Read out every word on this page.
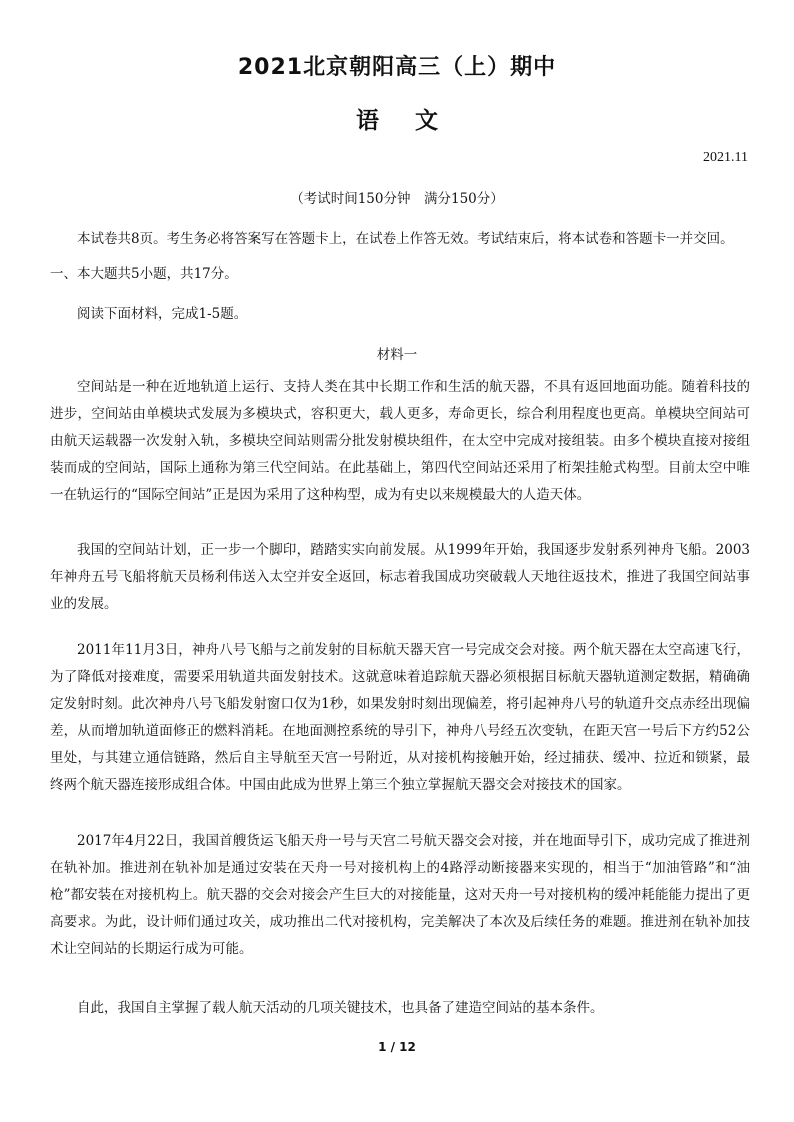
2021北京朝阳高三（上）期中
语文
2021.11
（考试时间150分钟　满分150分）
本试卷共8页。考生务必将答案写在答题卡上，在试卷上作答无效。考试结束后，将本试卷和答题卡一并交回。
一、本大题共5小题，共17分。
阅读下面材料，完成1-5题。
材料一
空间站是一种在近地轨道上运行、支持人类在其中长期工作和生活的航天器，不具有返回地面功能。随着科技的进步，空间站由单模块式发展为多模块式，容积更大，载人更多，寿命更长，综合利用程度也更高。单模块空间站可由航天运载器一次发射入轨，多模块空间站则需分批发射模块组件，在太空中完成对接组装。由多个模块直接对接组装而成的空间站，国际上通称为第三代空间站。在此基础上，第四代空间站还采用了桁架挂舱式构型。目前太空中唯一在轨运行的“国际空间站”正是因为采用了这种构型，成为有史以来规模最大的人造天体。
我国的空间站计划，正一步一个脚印，踏踏实实向前发展。从1999年开始，我国逐步发射系列神舟飞船。2003年神舟五号飞船将航天员杨利伟送入太空并安全返回，标志着我国成功突破载人天地往返技术，推进了我国空间站事业的发展。
2011年11月3日，神舟八号飞船与之前发射的目标航天器天宫一号完成交会对接。两个航天器在太空高速飞行，为了降低对接难度，需要采用轨道共面发射技术。这就意味着追踪航天器必须根据目标航天器轨道测定数据，精确确定发射时刻。此次神舟八号飞船发射窗口仅为1秒，如果发射时刻出现偏差，将引起神舟八号的轨道升交点赤经出现偏差，从而增加轨道面修正的燃料消耗。在地面测控系统的导引下，神舟八号经五次变轨，在距天宫一号后下方约52公里处，与其建立通信链路，然后自主导航至天宫一号附近，从对接机构接触开始，经过捕获、缓冲、拉近和锁紧，最终两个航天器连接形成组合体。中国由此成为世界上第三个独立掌握航天器交会对接技术的国家。
2017年4月22日，我国首艘货运飞船天舟一号与天宫二号航天器交会对接，并在地面导引下，成功完成了推进剂在轨补加。推进剂在轨补加是通过安装在天舟一号对接机构上的4路浮动断接器来实现的，相当于“加油管路”和“油枪”都安装在对接机构上。航天器的交会对接会产生巨大的对接能量，这对天舟一号对接机构的缓冲耗能能力提出了更高要求。为此，设计师们通过攻关，成功推出二代对接机构，完美解决了本次及后续任务的难题。推进剂在轨补加技术让空间站的长期运行成为可能。
自此，我国自主掌握了载人航天活动的几项关键技术，也具备了建造空间站的基本条件。
1 / 12
